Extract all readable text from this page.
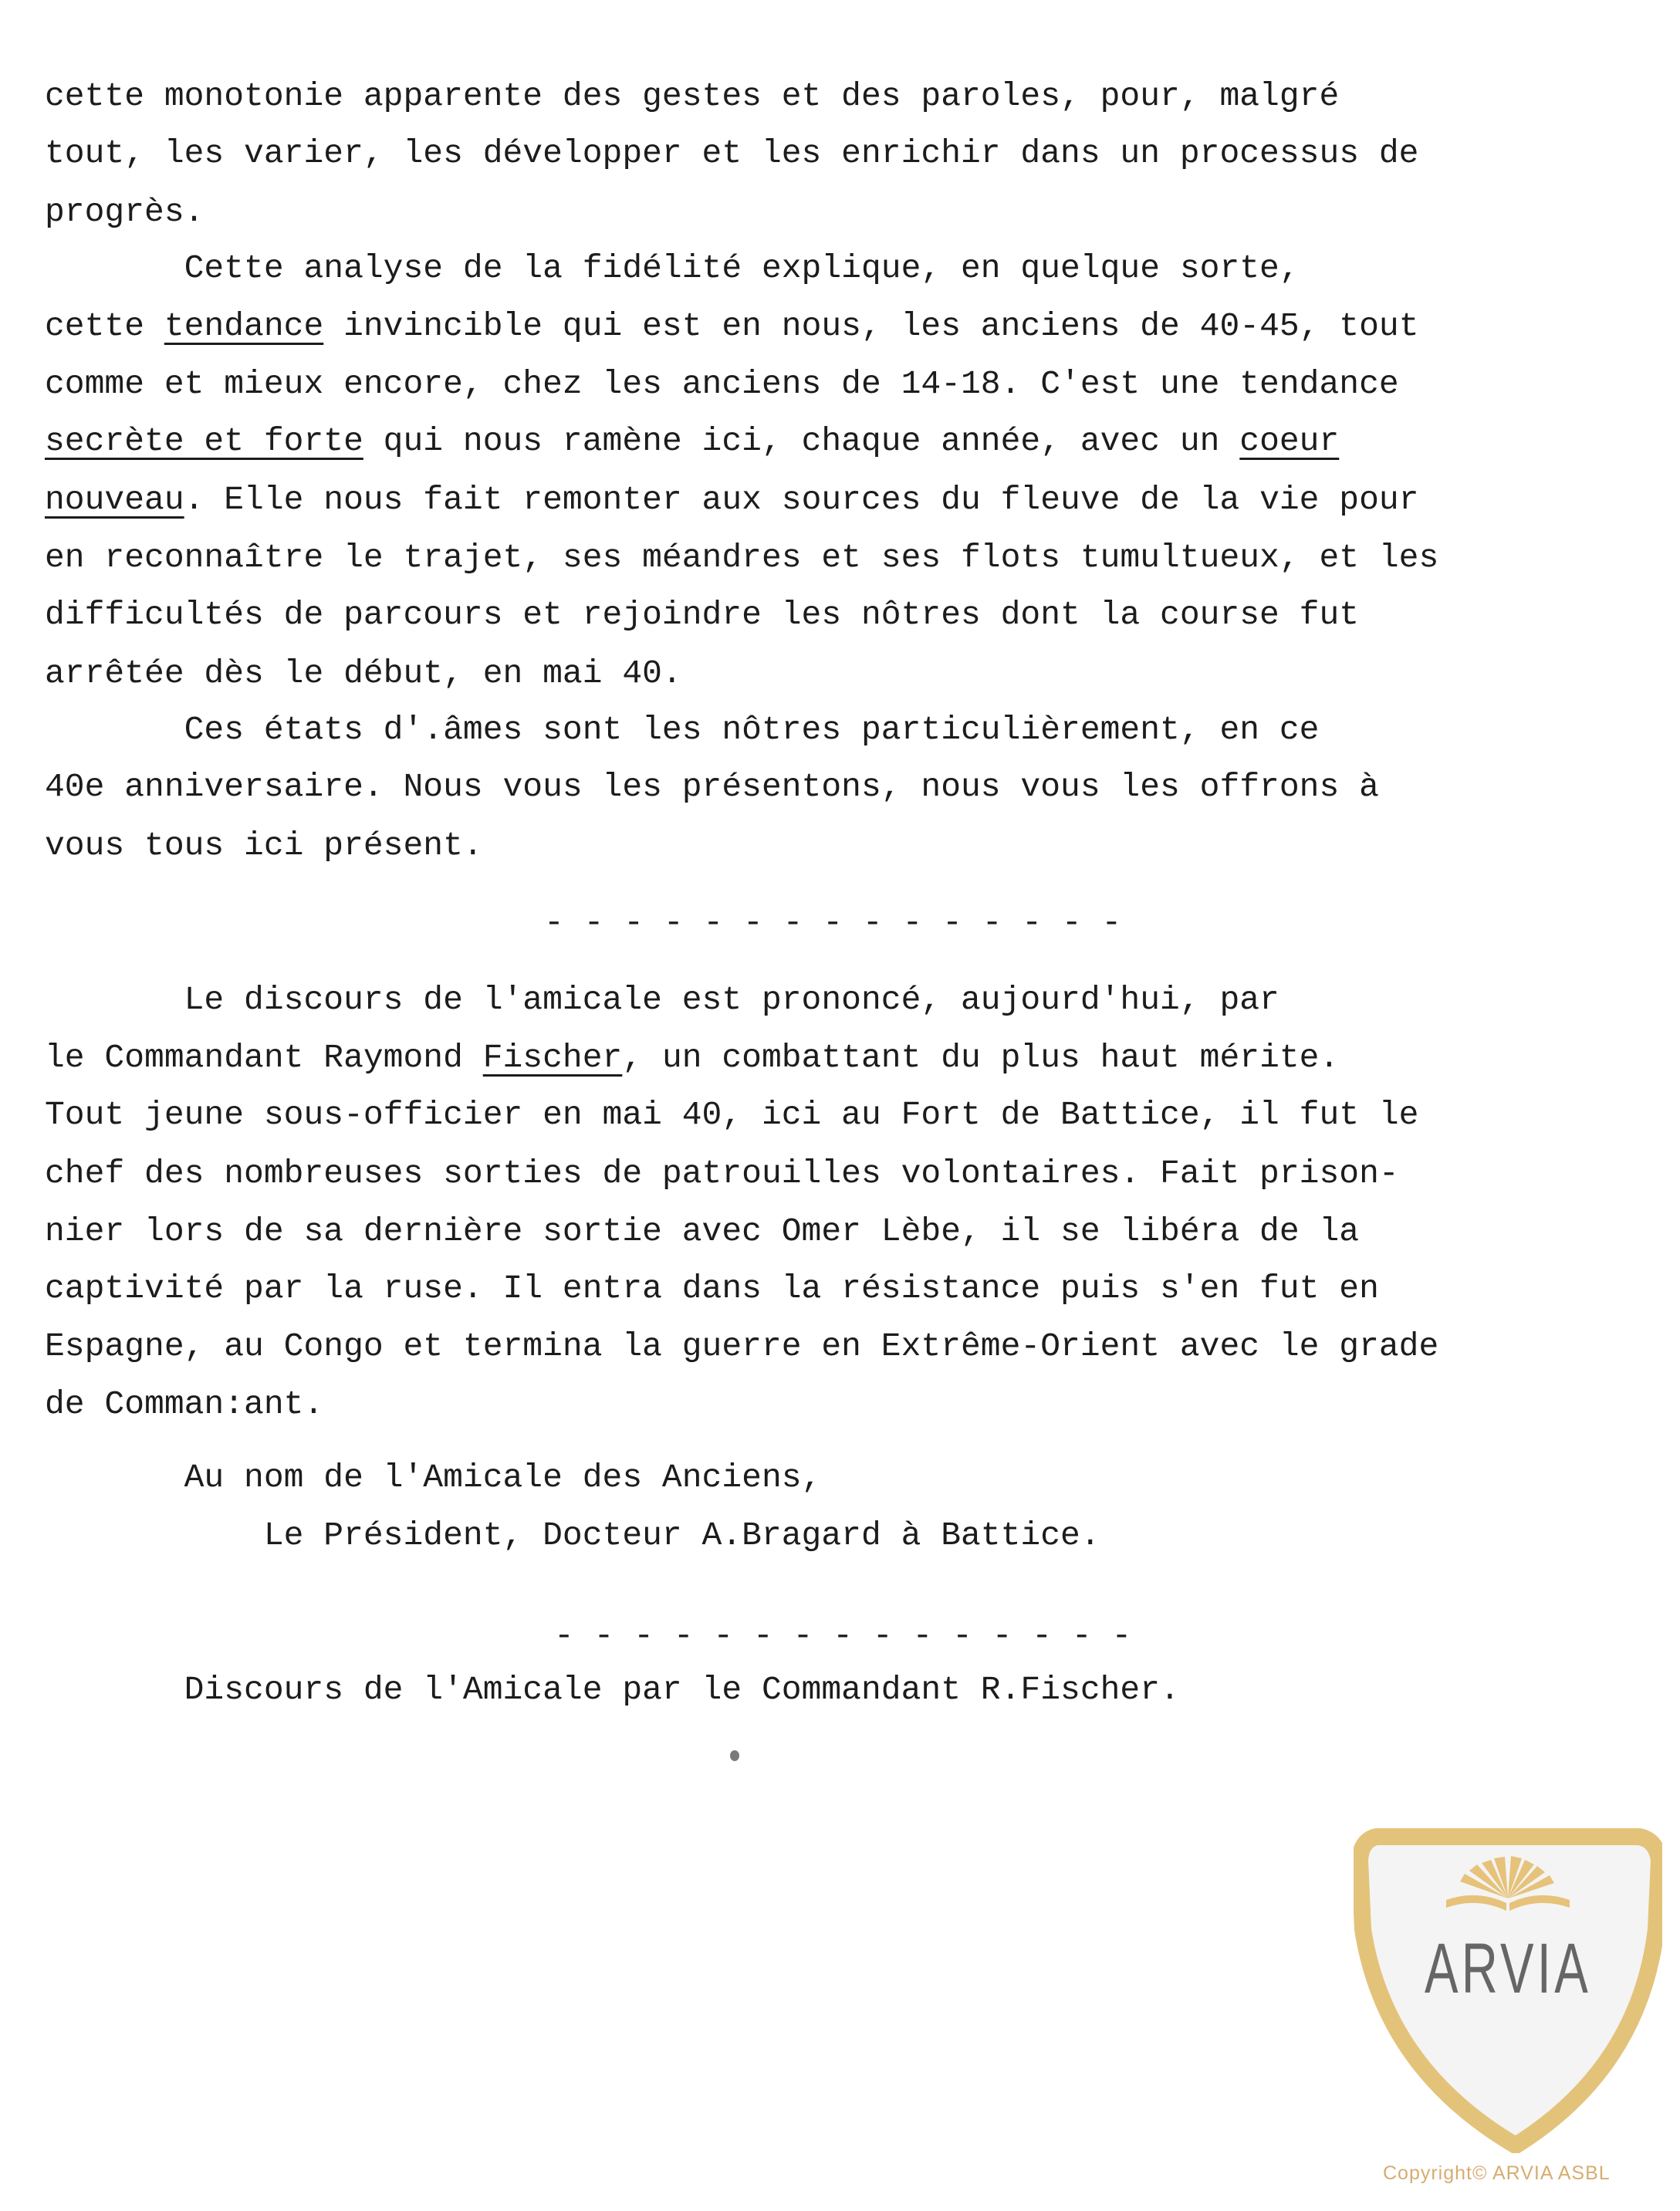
cette monotonie apparente des gestes et des paroles, pour, malgré
tout, les varier, les développer et les enrichir dans un processus de
progrès.
Cette analyse de la fidélité explique, en quelque sorte,
cette tendance invincible qui est en nous, les anciens de 40-45, tout
comme et mieux encore, chez les anciens de 14-18. C'est une tendance
secrète et forte qui nous ramène ici, chaque année, avec un coeur
nouveau. Elle nous fait remonter aux sources du fleuve de la vie pour
en reconnaître le trajet, ses méandres et ses flots tumultueux, et les
difficultés de parcours et rejoindre les nôtres dont la course fut
arrêtée dès le début, en mai 40.
Ces états d'.âmes sont les nôtres particulièrement, en ce
40e anniversaire. Nous vous les présentons, nous vous les offrons à
vous tous ici présent.
Le discours de l'amicale est prononcé, aujourd'hui, par
le Commandant Raymond Fischer, un combattant du plus haut mérite.
Tout jeune sous-officier en mai 40, ici au Fort de Battice, il fut le
chef des nombreuses sorties de patrouilles volontaires. Fait prison-
nier lors de sa dernière sortie avec Omer Lèbe, il se libéra de la
captivité par la ruse. Il entra dans la résistance puis s'en fut en
Espagne, au Congo et termina la guerre en Extrême-Orient avec le grade
de Comman:ant.
Au nom de l'Amicale des Anciens,
Le Président, Docteur A.Bragard à Battice.
Discours de l'Amicale par le Commandant R.Fischer.
- - - - - - - - - - - - - - -
- - - - - - - - - - - - - - -
ARVIA
Copyright© ARVIA ASBL
